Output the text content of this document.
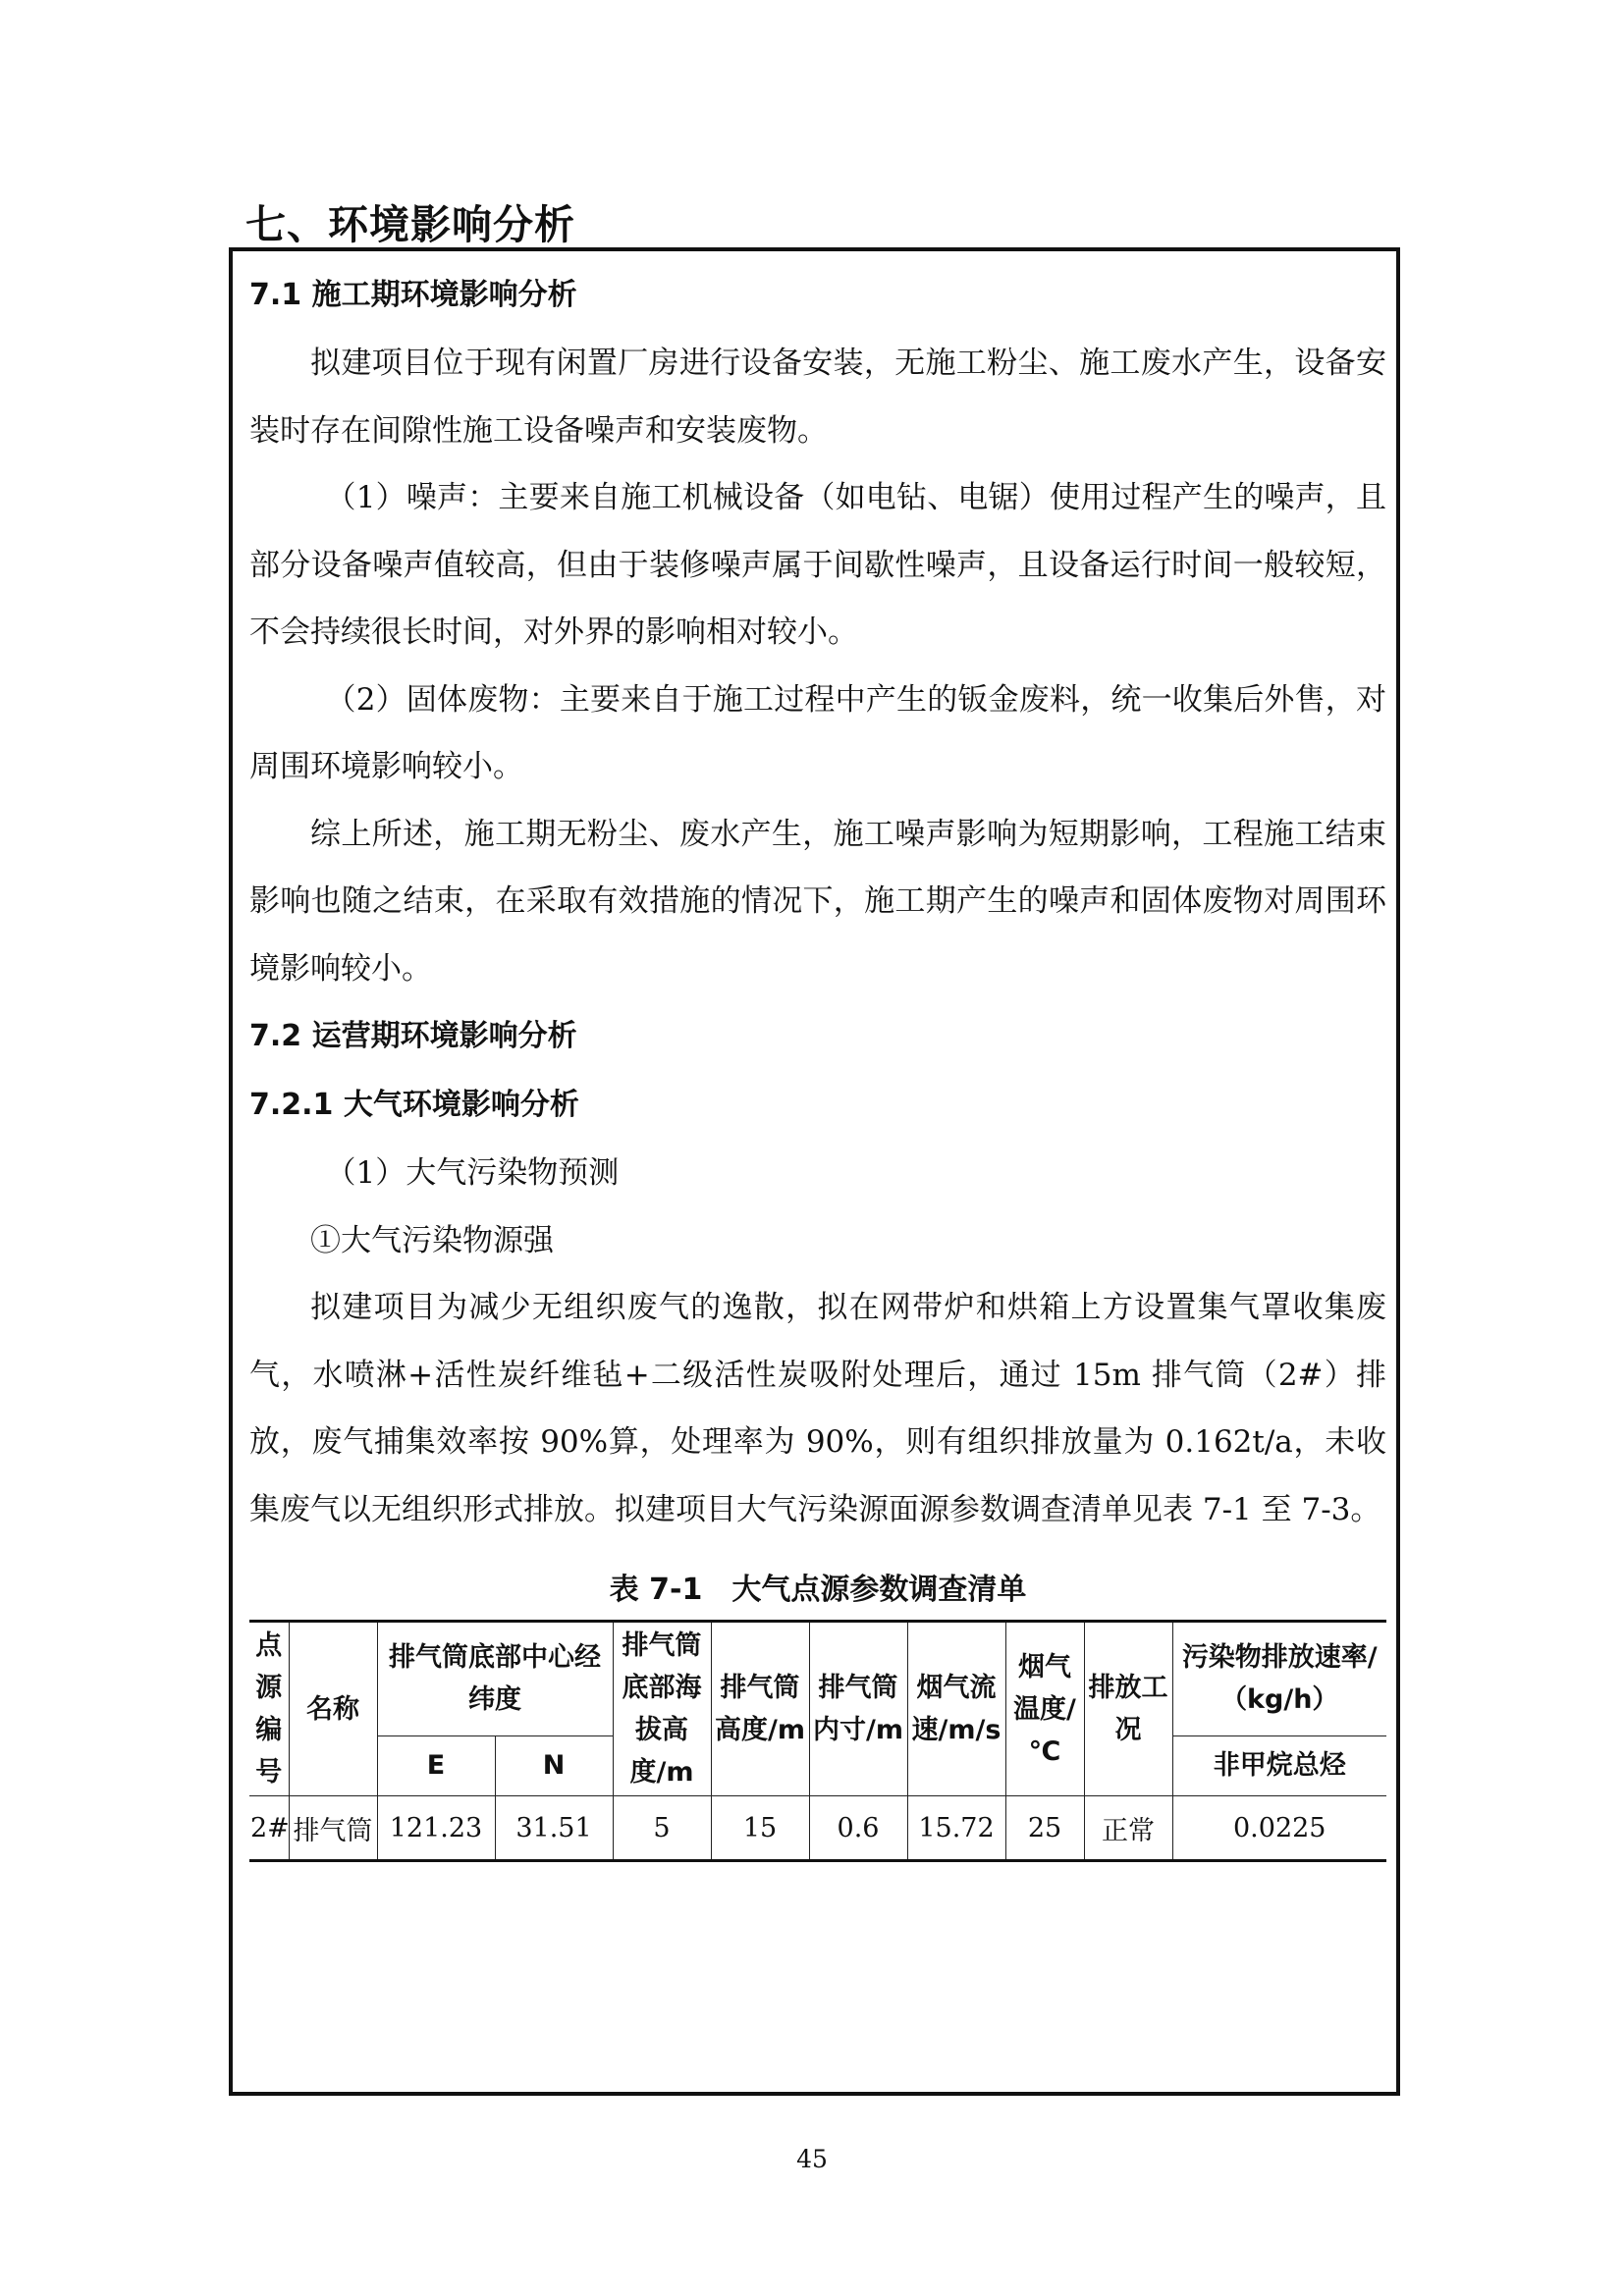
七、环境影响分析
7.1 施工期环境影响分析
拟建项目位于现有闲置厂房进行设备安装，无施工粉尘、施工废水产生，设备安装时存在间隙性施工设备噪声和安装废物。
（1）噪声：主要来自施工机械设备（如电钻、电锯）使用过程产生的噪声，且部分设备噪声值较高，但由于装修噪声属于间歇性噪声，且设备运行时间一般较短，不会持续很长时间，对外界的影响相对较小。
（2）固体废物：主要来自于施工过程中产生的钣金废料，统一收集后外售，对周围环境影响较小。
综上所述，施工期无粉尘、废水产生，施工噪声影响为短期影响，工程施工结束影响也随之结束，在采取有效措施的情况下，施工期产生的噪声和固体废物对周围环境影响较小。
7.2 运营期环境影响分析
7.2.1 大气环境影响分析
（1）大气污染物预测
①大气污染物源强
拟建项目为减少无组织废气的逸散，拟在网带炉和烘箱上方设置集气罩收集废气，水喷淋+活性炭纤维毡+二级活性炭吸附处理后，通过 15m 排气筒（2#）排放，废气捕集效率按 90%算，处理率为 90%，则有组织排放量为 0.162t/a，未收集废气以无组织形式排放。拟建项目大气污染源面源参数调查清单见表 7-1 至 7-3。
表 7-1　大气点源参数调查清单
点源编号	名称	排气筒底部中心经纬度		排气筒底部海拔高度/m	排气筒高度/m	排气筒内寸/m	烟气流速/m/s	烟气温度/℃	排放工况	污染物排放速率/（kg/h）
		E	N							非甲烷总烃
2#	排气筒	121.23	31.51	5	15	0.6	15.72	25	正常	0.0225
45
